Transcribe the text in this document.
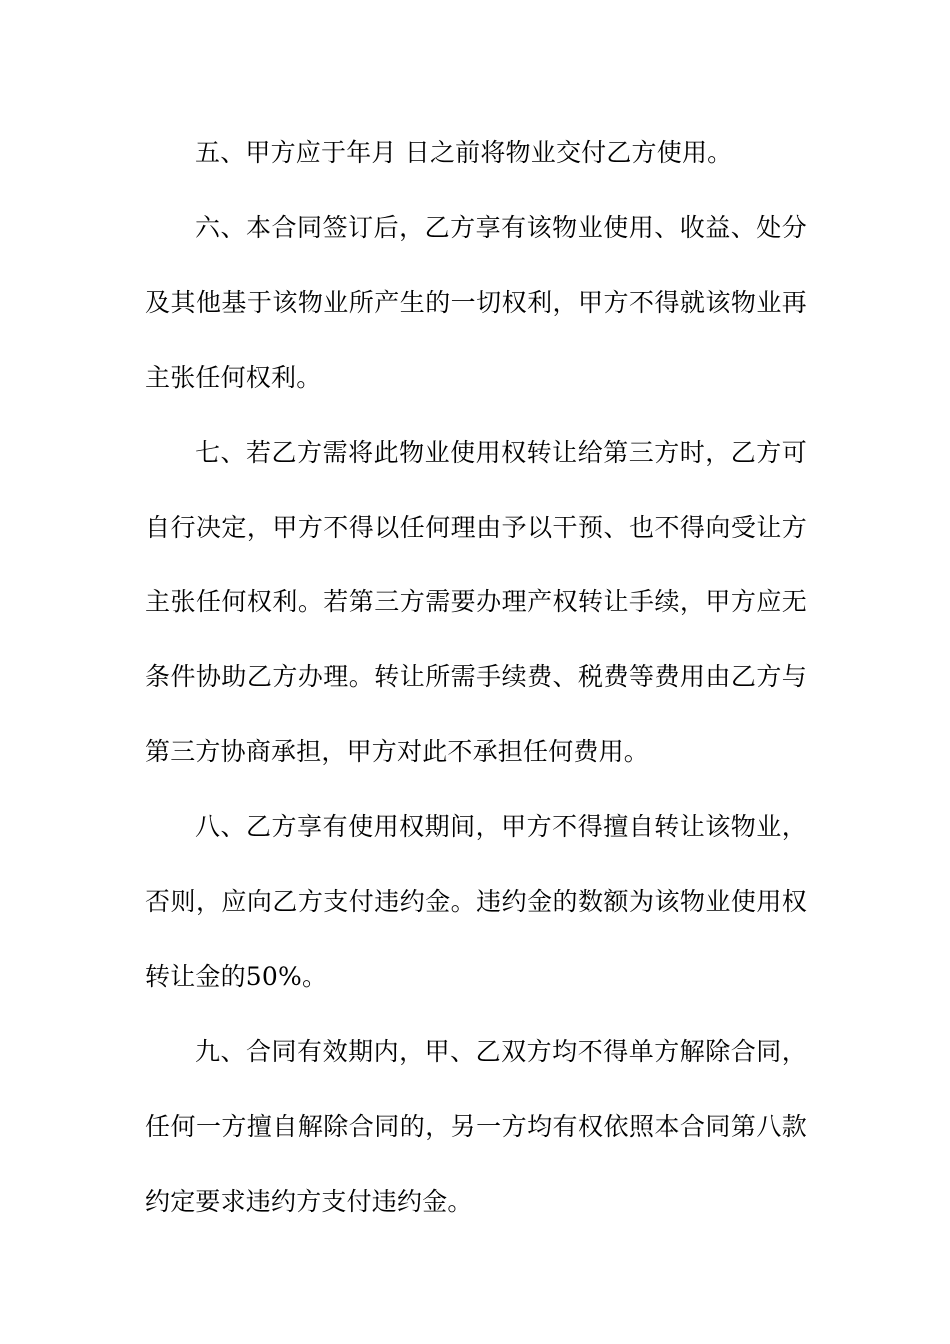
五、甲方应于年月 日之前将物业交付乙方使用。

六、本合同签订后，乙方享有该物业使用、收益、处分及其他基于该物业所产生的一切权利，甲方不得就该物业再主张任何权利。

七、若乙方需将此物业使用权转让给第三方时，乙方可自行决定，甲方不得以任何理由予以干预、也不得向受让方主张任何权利。若第三方需要办理产权转让手续，甲方应无条件协助乙方办理。转让所需手续费、税费等费用由乙方与第三方协商承担，甲方对此不承担任何费用。

八、乙方享有使用权期间，甲方不得擅自转让该物业，否则，应向乙方支付违约金。违约金的数额为该物业使用权转让金的50%。

九、合同有效期内，甲、乙双方均不得单方解除合同，任何一方擅自解除合同的，另一方均有权依照本合同第八款约定要求违约方支付违约金。
